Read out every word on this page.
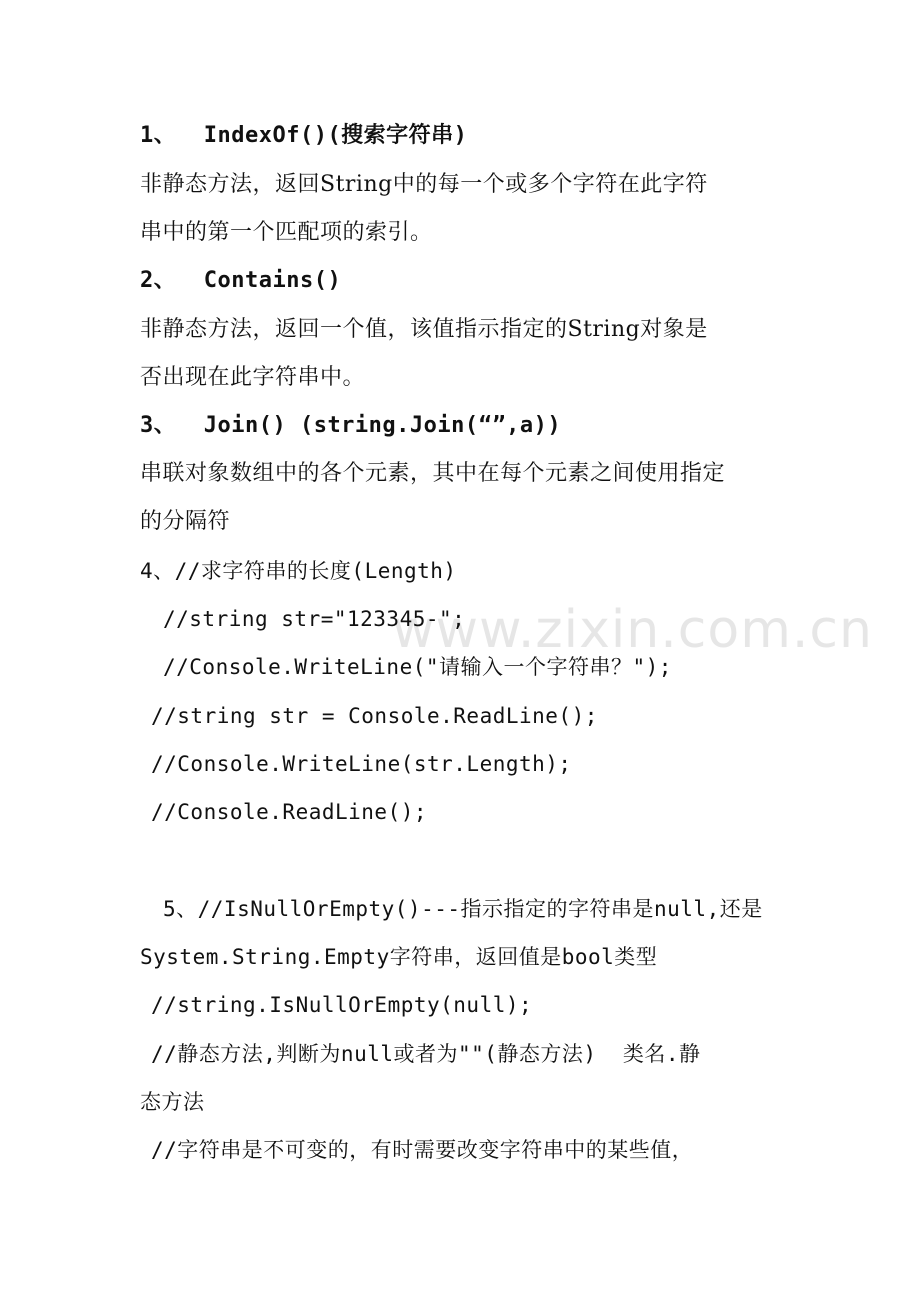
www.zixin.com.cn
1、  IndexOf()(搜索字符串)
非静态方法，返回String中的每一个或多个字符在此字符
串中的第一个匹配项的索引。
2、  Contains()
非静态方法，返回一个值，该值指示指定的String对象是
否出现在此字符串中。
3、  Join() (string.Join(“”,a))
串联对象数组中的各个元素，其中在每个元素之间使用指定
的分隔符
4、//求字符串的长度(Length)
//string str="123345-";
//Console.WriteLine("请输入一个字符串？");
//string str = Console.ReadLine();
//Console.WriteLine(str.Length);
//Console.ReadLine();
5、//IsNullOrEmpty()---指示指定的字符串是null,还是
System.String.Empty字符串，返回值是bool类型
//string.IsNullOrEmpty(null);
//静态方法,判断为null或者为""(静态方法)  类名.静
态方法
//字符串是不可变的，有时需要改变字符串中的某些值，
